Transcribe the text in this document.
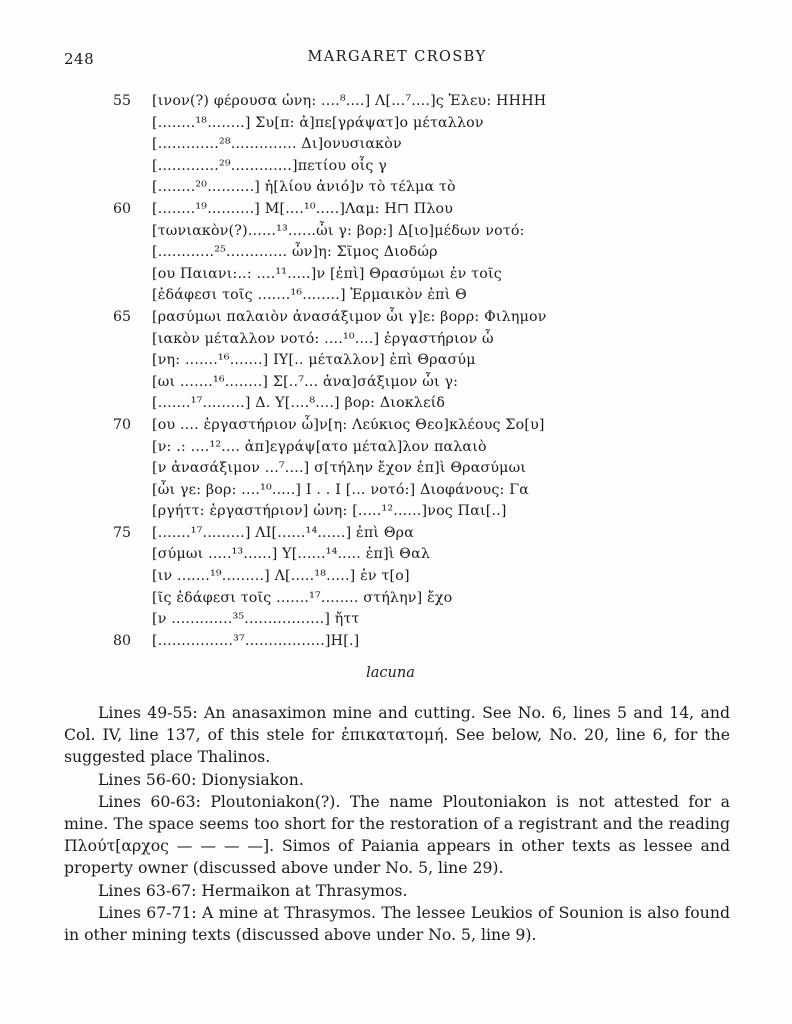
248	MARGARET CROSBY
55	[ινον(?) φέρουσα ὠνη: ....⁸....] Λ[...⁷....]ς Ἑλευ: ΗΗΗΗ
[........¹⁸........] Συ[π: ἀ]πε[γράψατ]ο μέταλλον
[.............²⁸.............. Δι]ονυσιακὸν
[.............²⁹.............]πετίου οἷς γ
[........²⁰..........] ἡ[λίου ἀνιό]ν τὸ τέλμα τὸ
60	[........¹⁹..........] Μ[....¹⁰.....]Λαμ: Η⊓ Πλου
[τωνιακὸν(?)......¹³......ὧι γ: βορ:] Δ[ιο]μέδων νοτό:
[............²⁵............. ὦν]η: Σῖμος Διοδώρ
[ου Παιανι:..: ....¹¹.....]ν [ἐπὶ] Θρασύμωι ἐν τοῖς
[ἐδάφεσι τοῖς .......¹⁶........] Ἑρμαικὸν ἐπὶ Θ
65	[ρασύμωι παλαιὸν ἀνασάξιμον ὧι γ]ε: βορρ: Φιλημον
[ιακὸν μέταλλον νοτό: ....¹⁰....] ἐργαστήριον ὦ
[νη: .......¹⁶.......] ΙΥ[.. μέταλλον] ἐπὶ Θρασύμ
[ωι .......¹⁶........] Σ[..⁷... ἀνα]σάξιμον ὧι γ:
[.......¹⁷.........] Δ. Υ[....⁸....] βορ: Διοκλείδ
70	[ου .... ἐργαστήριον ὦ]ν[η: Λεύκιος Θεο]κλέους Σο[υ]
[ν: .: ....¹².... ἀπ]εγράψ[ατο μέταλ]λον παλαιὸ
[ν ἀνασάξιμον ...⁷....] σ[τήλην ἔχον ἐπ]ὶ Θρασύμωι
[ὧι γε: βορ: ....¹⁰.....] Ι . . Ι [... νοτό:] Διοφάνους: Γα
[ργήττ: ἐργαστήριον] ὠνη: [.....¹²......]νος Παι[..]
75	[.......¹⁷.........] ΛΙ[......¹⁴......] ἐπὶ Θρα
[σύμωι .....¹³......] Υ[......¹⁴..... ἐπ]ὶ Θαλ
[ιν .......¹⁹.........] Λ[.....¹⁸.....] ἐν τ[ο]
[ῖς ἐδάφεσι τοῖς .......¹⁷........ στήλην] ἔχο
[ν .............³⁵.................] ἤττ
80	[................³⁷.................]Η[.]
lacuna

Lines 49-55: An anasaximon mine and cutting. See No. 6, lines 5 and 14, and Col. IV, line 137, of this stele for ἐπικατατομή. See below, No. 20, line 6, for the suggested place Thalinos.

Lines 56-60: Dionysiakon.

Lines 60-63: Ploutoniakon(?). The name Ploutoniakon is not attested for a mine. The space seems too short for the restoration of a registrant and the reading Πλούτ[αρχος — — — —]. Simos of Paiania appears in other texts as lessee and property owner (discussed above under No. 5, line 29).

Lines 63-67: Hermaikon at Thrasymos.

Lines 67-71: A mine at Thrasymos. The lessee Leukios of Sounion is also found in other mining texts (discussed above under No. 5, line 9).
